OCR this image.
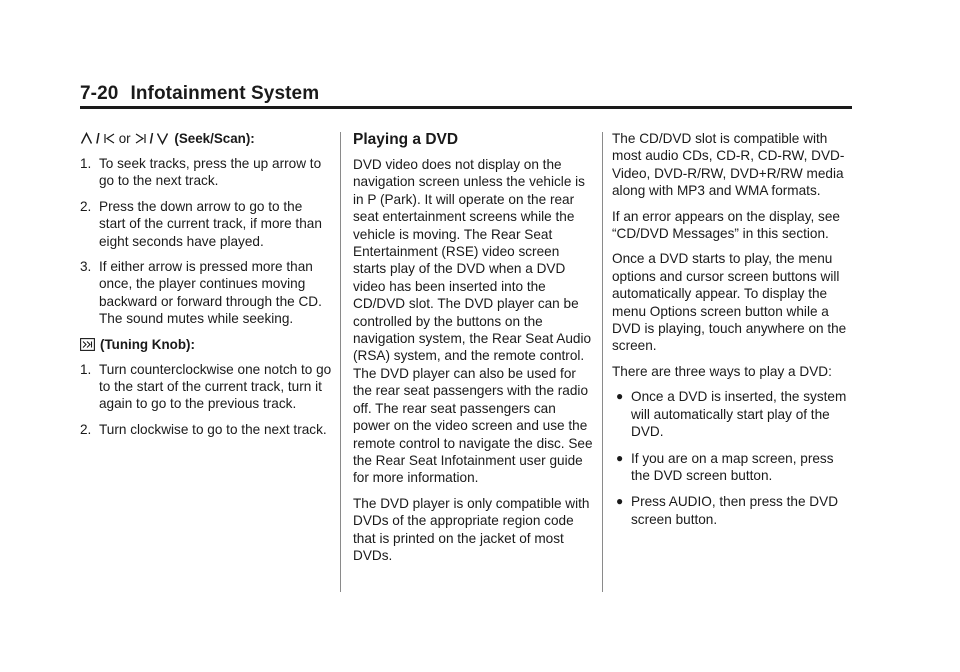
7-20 Infotainment System
/ or / (Seek/Scan):
1. To seek tracks, press the up arrow to go to the next track.
2. Press the down arrow to go to the start of the current track, if more than eight seconds have played.
3. If either arrow is pressed more than once, the player continues moving backward or forward through the CD. The sound mutes while seeking.
(Tuning Knob):
1. Turn counterclockwise one notch to go to the start of the current track, turn it again to go to the previous track.
2. Turn clockwise to go to the next track.
Playing a DVD

DVD video does not display on the navigation screen unless the vehicle is in P (Park). It will operate on the rear seat entertainment screens while the vehicle is moving. The Rear Seat Entertainment (RSE) video screen starts play of the DVD when a DVD video has been inserted into the CD/DVD slot. The DVD player can be controlled by the buttons on the navigation system, the Rear Seat Audio (RSA) system, and the remote control. The DVD player can also be used for the rear seat passengers with the radio off. The rear seat passengers can power on the video screen and use the remote control to navigate the disc. See the Rear Seat Infotainment user guide for more information.

The DVD player is only compatible with DVDs of the appropriate region code that is printed on the jacket of most DVDs.

The CD/DVD slot is compatible with most audio CDs, CD-R, CD-RW, DVD-Video, DVD-R/RW, DVD+R/RW media along with MP3 and WMA formats.

If an error appears on the display, see “CD/DVD Messages” in this section.

Once a DVD starts to play, the menu options and cursor screen buttons will automatically appear. To display the menu Options screen button while a DVD is playing, touch anywhere on the screen.

There are three ways to play a DVD:

● Once a DVD is inserted, the system will automatically start play of the DVD.
● If you are on a map screen, press the DVD screen button.
● Press AUDIO, then press the DVD screen button.
